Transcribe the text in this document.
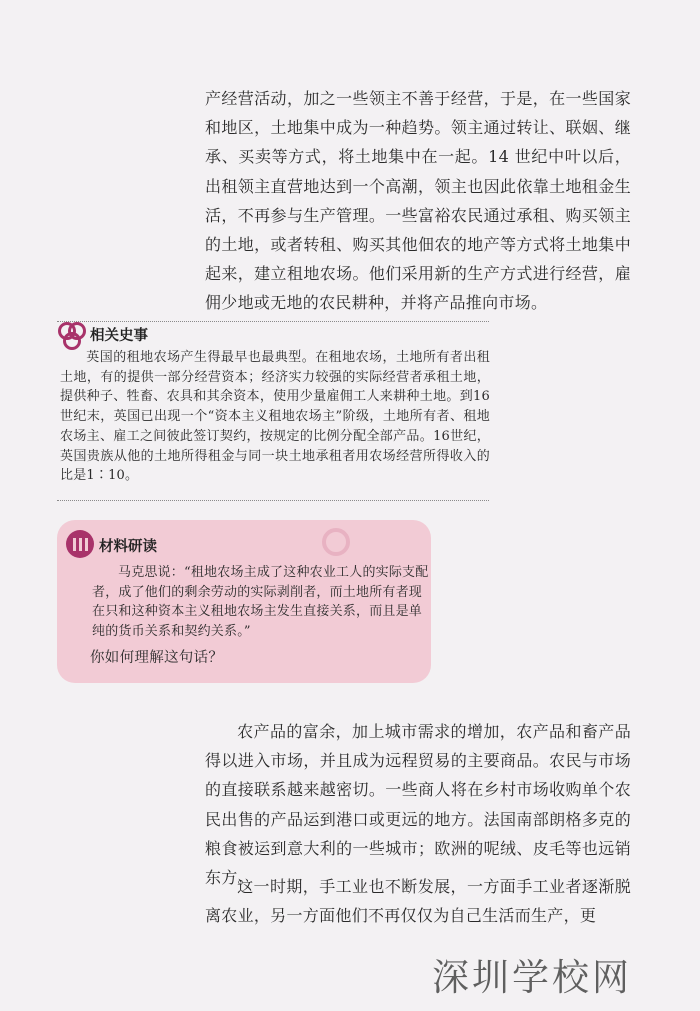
产经营活动，加之一些领主不善于经营，于是，在一些国家和地区，土地集中成为一种趋势。领主通过转让、联姻、继承、买卖等方式，将土地集中在一起。14 世纪中叶以后，出租领主直营地达到一个高潮，领主也因此依靠土地租金生活，不再参与生产管理。一些富裕农民通过承租、购买领主的土地，或者转租、购买其他佃农的地产等方式将土地集中起来，建立租地农场。他们采用新的生产方式进行经营，雇佣少地或无地的农民耕种，并将产品推向市场。

相关史事

英国的租地农场产生得最早也最典型。在租地农场，土地所有者出租土地，有的提供一部分经营资本；经济实力较强的实际经营者承租土地，提供种子、牲畜、农具和其余资本，使用少量雇佣工人来耕种土地。到16世纪末，英国已出现一个“资本主义租地农场主”阶级，土地所有者、租地农场主、雇工之间彼此签订契约，按规定的比例分配全部产品。16世纪，英国贵族从他的土地所得租金与同一块土地承租者用农场经营所得收入的比是1∶10。

材料研读

马克思说：“租地农场主成了这种农业工人的实际支配者，成了他们的剩余劳动的实际剥削者，而土地所有者现在只和这种资本主义租地农场主发生直接关系，而且是单纯的货币关系和契约关系。”

你如何理解这句话？

农产品的富余，加上城市需求的增加，农产品和畜产品得以进入市场，并且成为远程贸易的主要商品。农民与市场的直接联系越来越密切。一些商人将在乡村市场收购单个农民出售的产品运到港口或更远的地方。法国南部朗格多克的粮食被运到意大利的一些城市；欧洲的呢绒、皮毛等也远销东方。

这一时期，手工业也不断发展，一方面手工业者逐渐脱离农业，另一方面他们不再仅仅为自己生活而生产，更

深圳学校网
